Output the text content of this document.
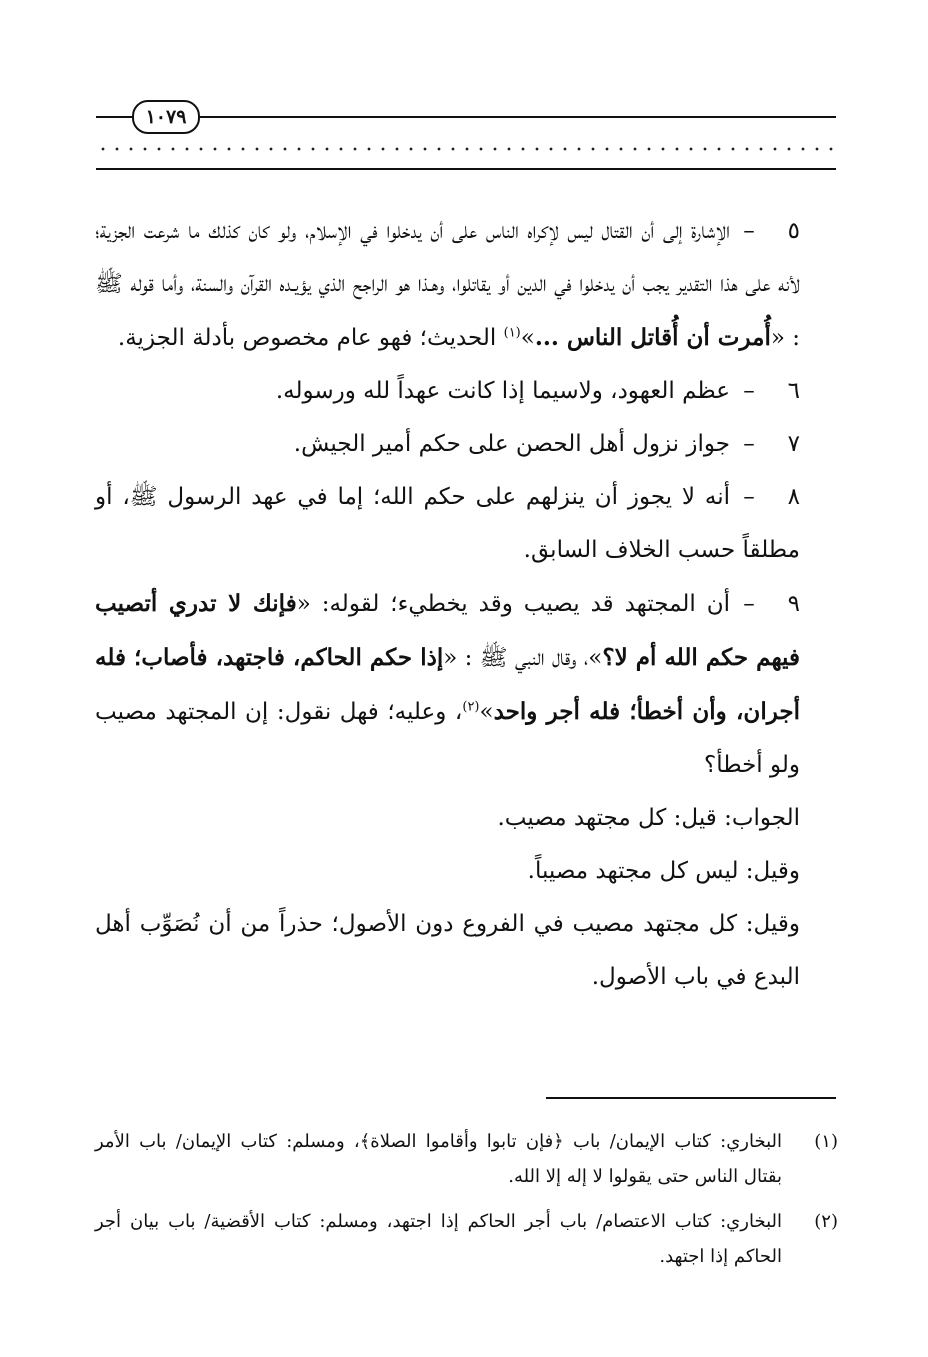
١٠٧٩

٥–الإشارة إلى أن القتال ليس لإكراه الناس على أن يدخلوا في الإسلام، ولو كان كذلك ما شرعت الجزية؛ لأنه على هذا التقدير يجب أن يدخلوا في الدين أو يقاتلوا، وهـذا هو الراجح الذي يؤيـده القرآن والسنة، وأما قوله ﷺ : «أُمرت أن أُقاتل الناس ...»$^{(١)}$ الحديث؛ فهو عام مخصوص بأدلة الجزية.

٦–عظم العهود، ولاسيما إذا كانت عهداً لله ورسوله.

٧–جواز نزول أهل الحصن على حكم أمير الجيش.

٨–أنه لا يجوز أن ينزلهم على حكم الله؛ إما في عهد الرسول ﷺ، أو مطلقاً حسب الخلاف السابق.

٩–أن المجتهد قد يصيب وقد يخطيء؛ لقوله: «فإنك لا تدري أتصيب فيهم حكم الله أم لا؟»، وقال النبي ﷺ : «إذا حكم الحاكم، فاجتهد، فأصاب؛ فله أجران، وأن أخطأ؛ فله أجر واحد»$^{(٢)}$، وعليه؛ فهل نقول: إن المجتهد مصيب ولو أخطأ؟

الجواب: قيل: كل مجتهد مصيب.

وقيل: ليس كل مجتهد مصيباً.

وقيل: كل مجتهد مصيب في الفروع دون الأصول؛ حذراً من أن نُصَوِّب أهل البدع في باب الأصول.

(١)
البخاري: كتاب الإيمان/ باب ﴿فإن تابوا وأقاموا الصلاة﴾، ومسلم: كتاب الإيمان/ باب الأمر بقتال الناس حتى يقولوا لا إله إلا الله.
(٢)
البخاري: كتاب الاعتصام/ باب أجر الحاكم إذا اجتهد، ومسلم: كتاب الأقضية/ باب بيان أجر الحاكم إذا اجتهد.
